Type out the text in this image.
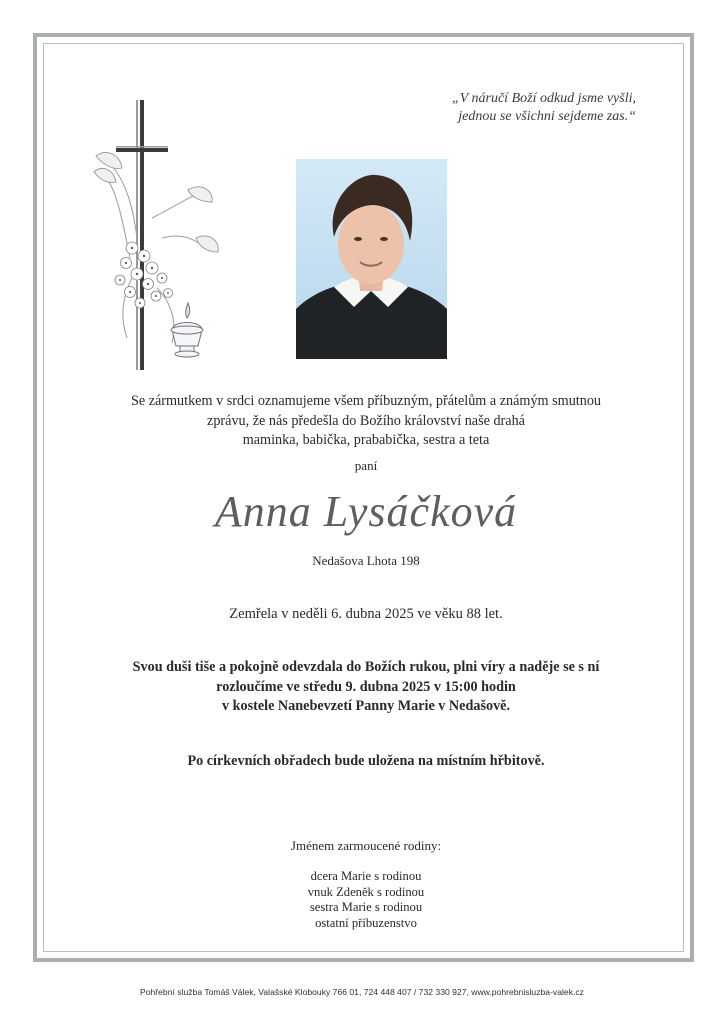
„V náručí Boží odkud jsme vyšli,
jednou se všichni sejdeme zas.“
Se zármutkem v srdci oznamujeme všem příbuzným, přátelům a známým smutnou
zprávu, že nás předešla do Božího království naše drahá
maminka, babička, prababička, sestra a teta
paní
Anna Lysáčková
Nedašova Lhota 198
Zemřela v neděli 6. dubna 2025 ve věku 88 let.
Svou duši tiše a pokojně odevzdala do Božích rukou, plni víry a naděje se s ní
rozloučíme ve středu 9. dubna 2025 v 15:00 hodin
v kostele Nanebevzetí Panny Marie v Nedašově.
Po církevních obřadech bude uložena na místním hřbitově.
Jménem zarmoucené rodiny:
dcera Marie s rodinou
vnuk Zdeněk s rodinou
sestra Marie s rodinou
ostatní příbuzenstvo
Pohřební služba Tomáš Válek, Valašské Klobouky 766 01, 724 448 407 / 732 330 927, www.pohrebnisluzba-valek.cz
